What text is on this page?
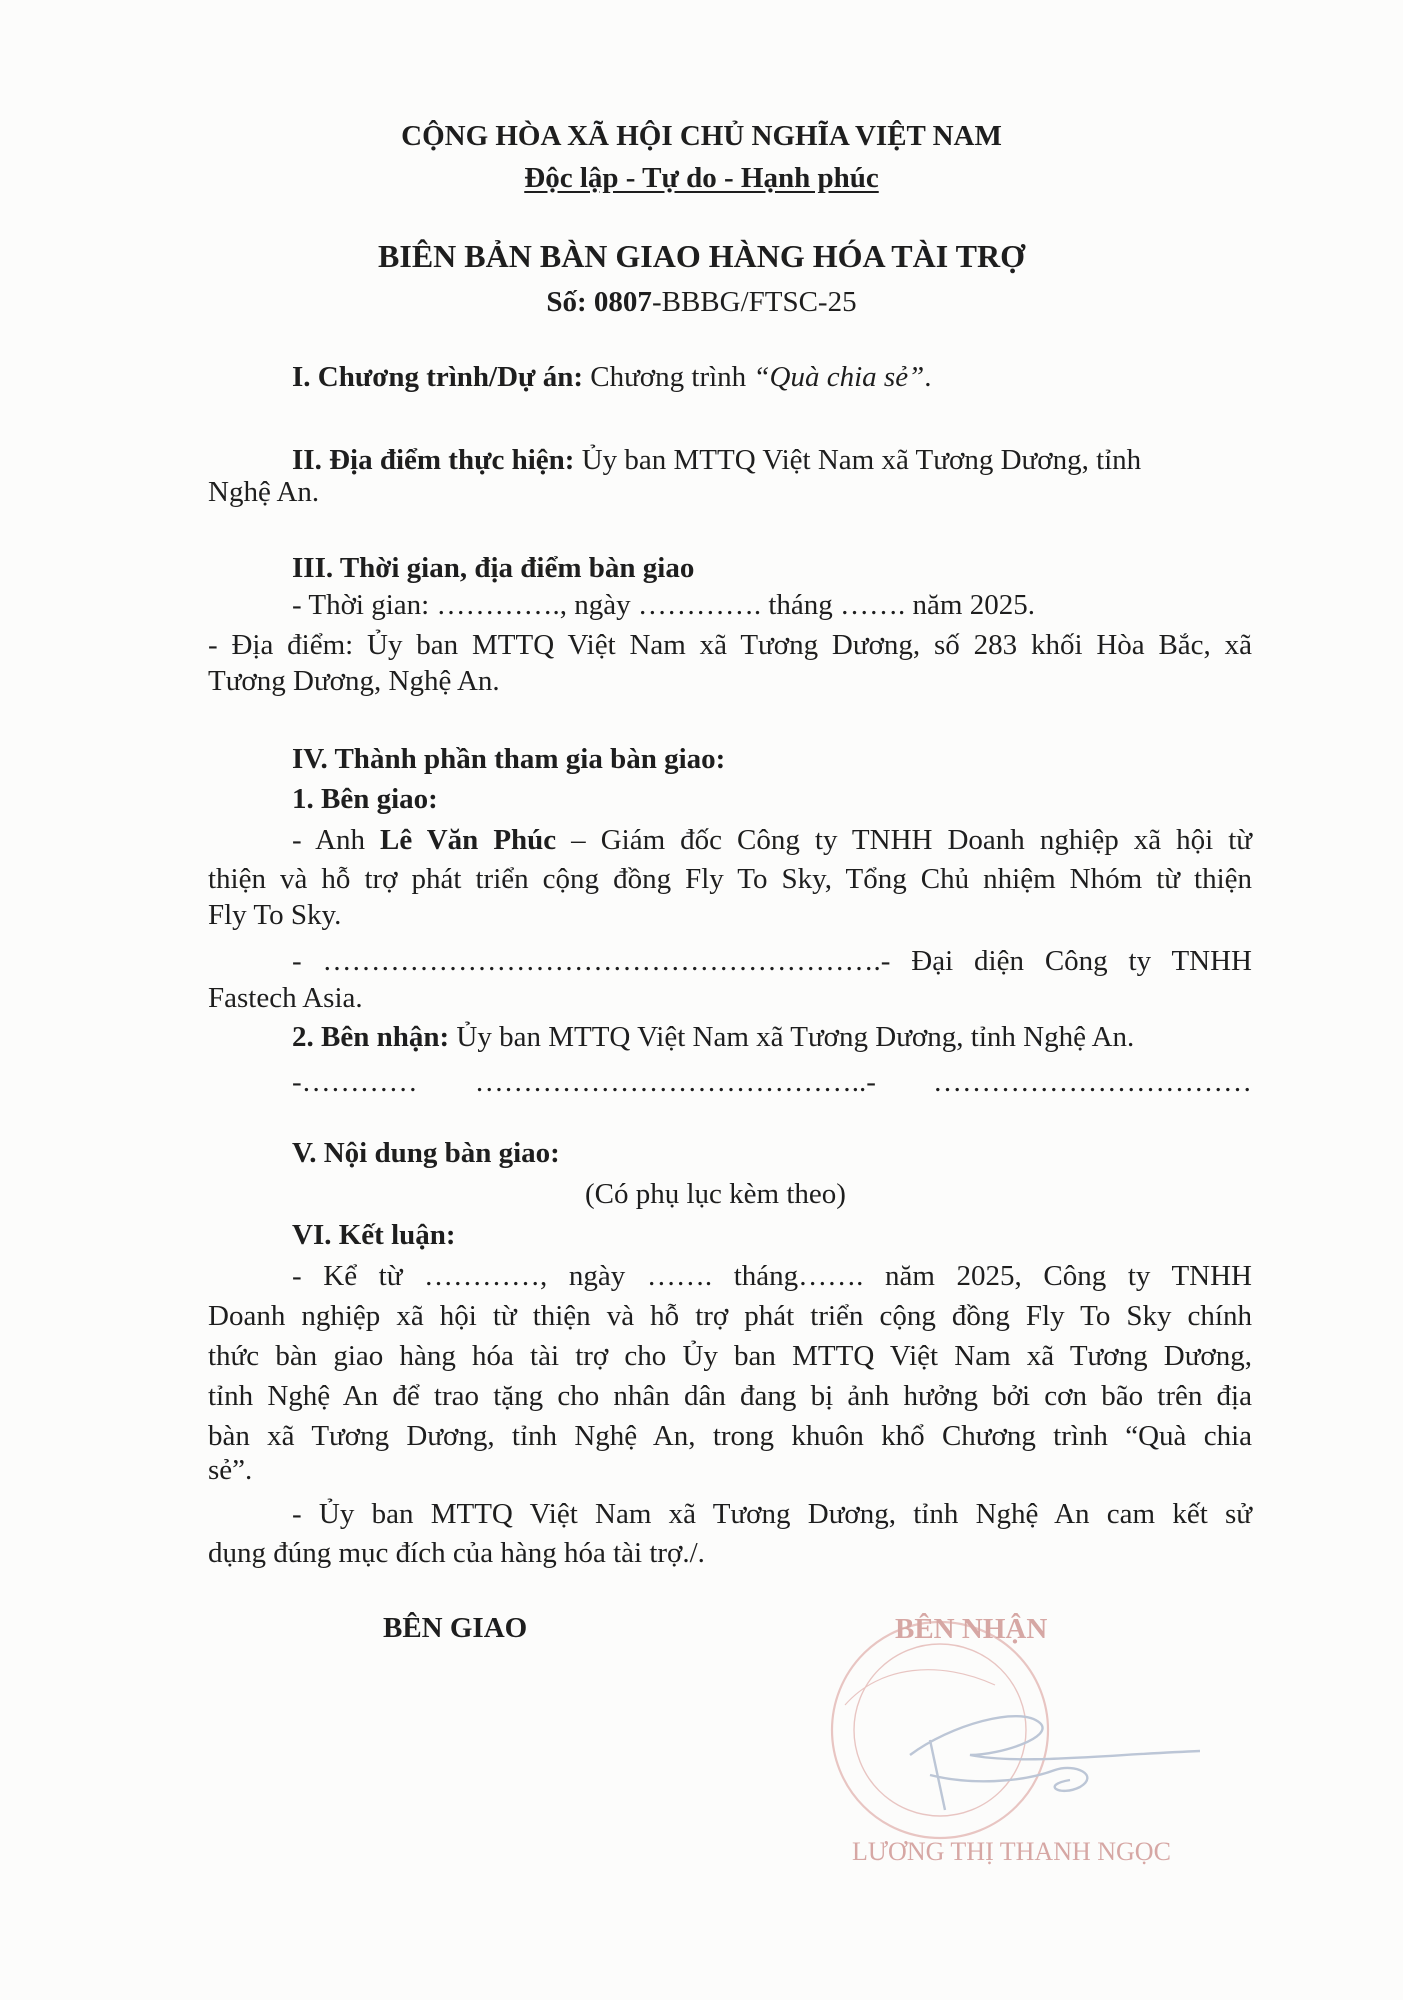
CỘNG HÒA XÃ HỘI CHỦ NGHĨA VIỆT NAM
Độc lập - Tự do - Hạnh phúc
BIÊN BẢN BÀN GIAO HÀNG HÓA TÀI TRỢ
Số: 0807-BBBG/FTSC-25
I. Chương trình/Dự án: Chương trình “Quà chia sẻ”.
II. Địa điểm thực hiện: Ủy ban MTTQ Việt Nam xã Tương Dương, tỉnh
Nghệ An.
III. Thời gian, địa điểm bàn giao
- Thời gian: …………., ngày …………. tháng ……. năm 2025.
- Địa điểm: Ủy ban MTTQ Việt Nam xã Tương Dương, số 283 khối Hòa Bắc, xã
Tương Dương, Nghệ An.
IV. Thành phần tham gia bàn giao:
1. Bên giao:
- Anh Lê Văn Phúc – Giám đốc Công ty TNHH Doanh nghiệp xã hội từ
thiện và hỗ trợ phát triển cộng đồng Fly To Sky, Tổng Chủ nhiệm Nhóm từ thiện
Fly To Sky.
- ………………………………………………….- Đại diện Công ty TNHH
Fastech Asia.
2. Bên nhận: Ủy ban MTTQ Việt Nam xã Tương Dương, tỉnh Nghệ An.
-………… …………………………………..- ……………………………
V. Nội dung bàn giao:
(Có phụ lục kèm theo)
VI. Kết luận:
- Kể từ …………, ngày ……. tháng……. năm 2025, Công ty TNHH
Doanh nghiệp xã hội từ thiện và hỗ trợ phát triển cộng đồng Fly To Sky chính
thức bàn giao hàng hóa tài trợ cho Ủy ban MTTQ Việt Nam xã Tương Dương,
tỉnh Nghệ An để trao tặng cho nhân dân đang bị ảnh hưởng bởi cơn bão trên địa
bàn xã Tương Dương, tỉnh Nghệ An, trong khuôn khổ Chương trình “Quà chia
sẻ”.
- Ủy ban MTTQ Việt Nam xã Tương Dương, tỉnh Nghệ An cam kết sử
dụng đúng mục đích của hàng hóa tài trợ./.
BÊN GIAO	BÊN NHẬN
LƯƠNG THỊ THANH NGỌC
